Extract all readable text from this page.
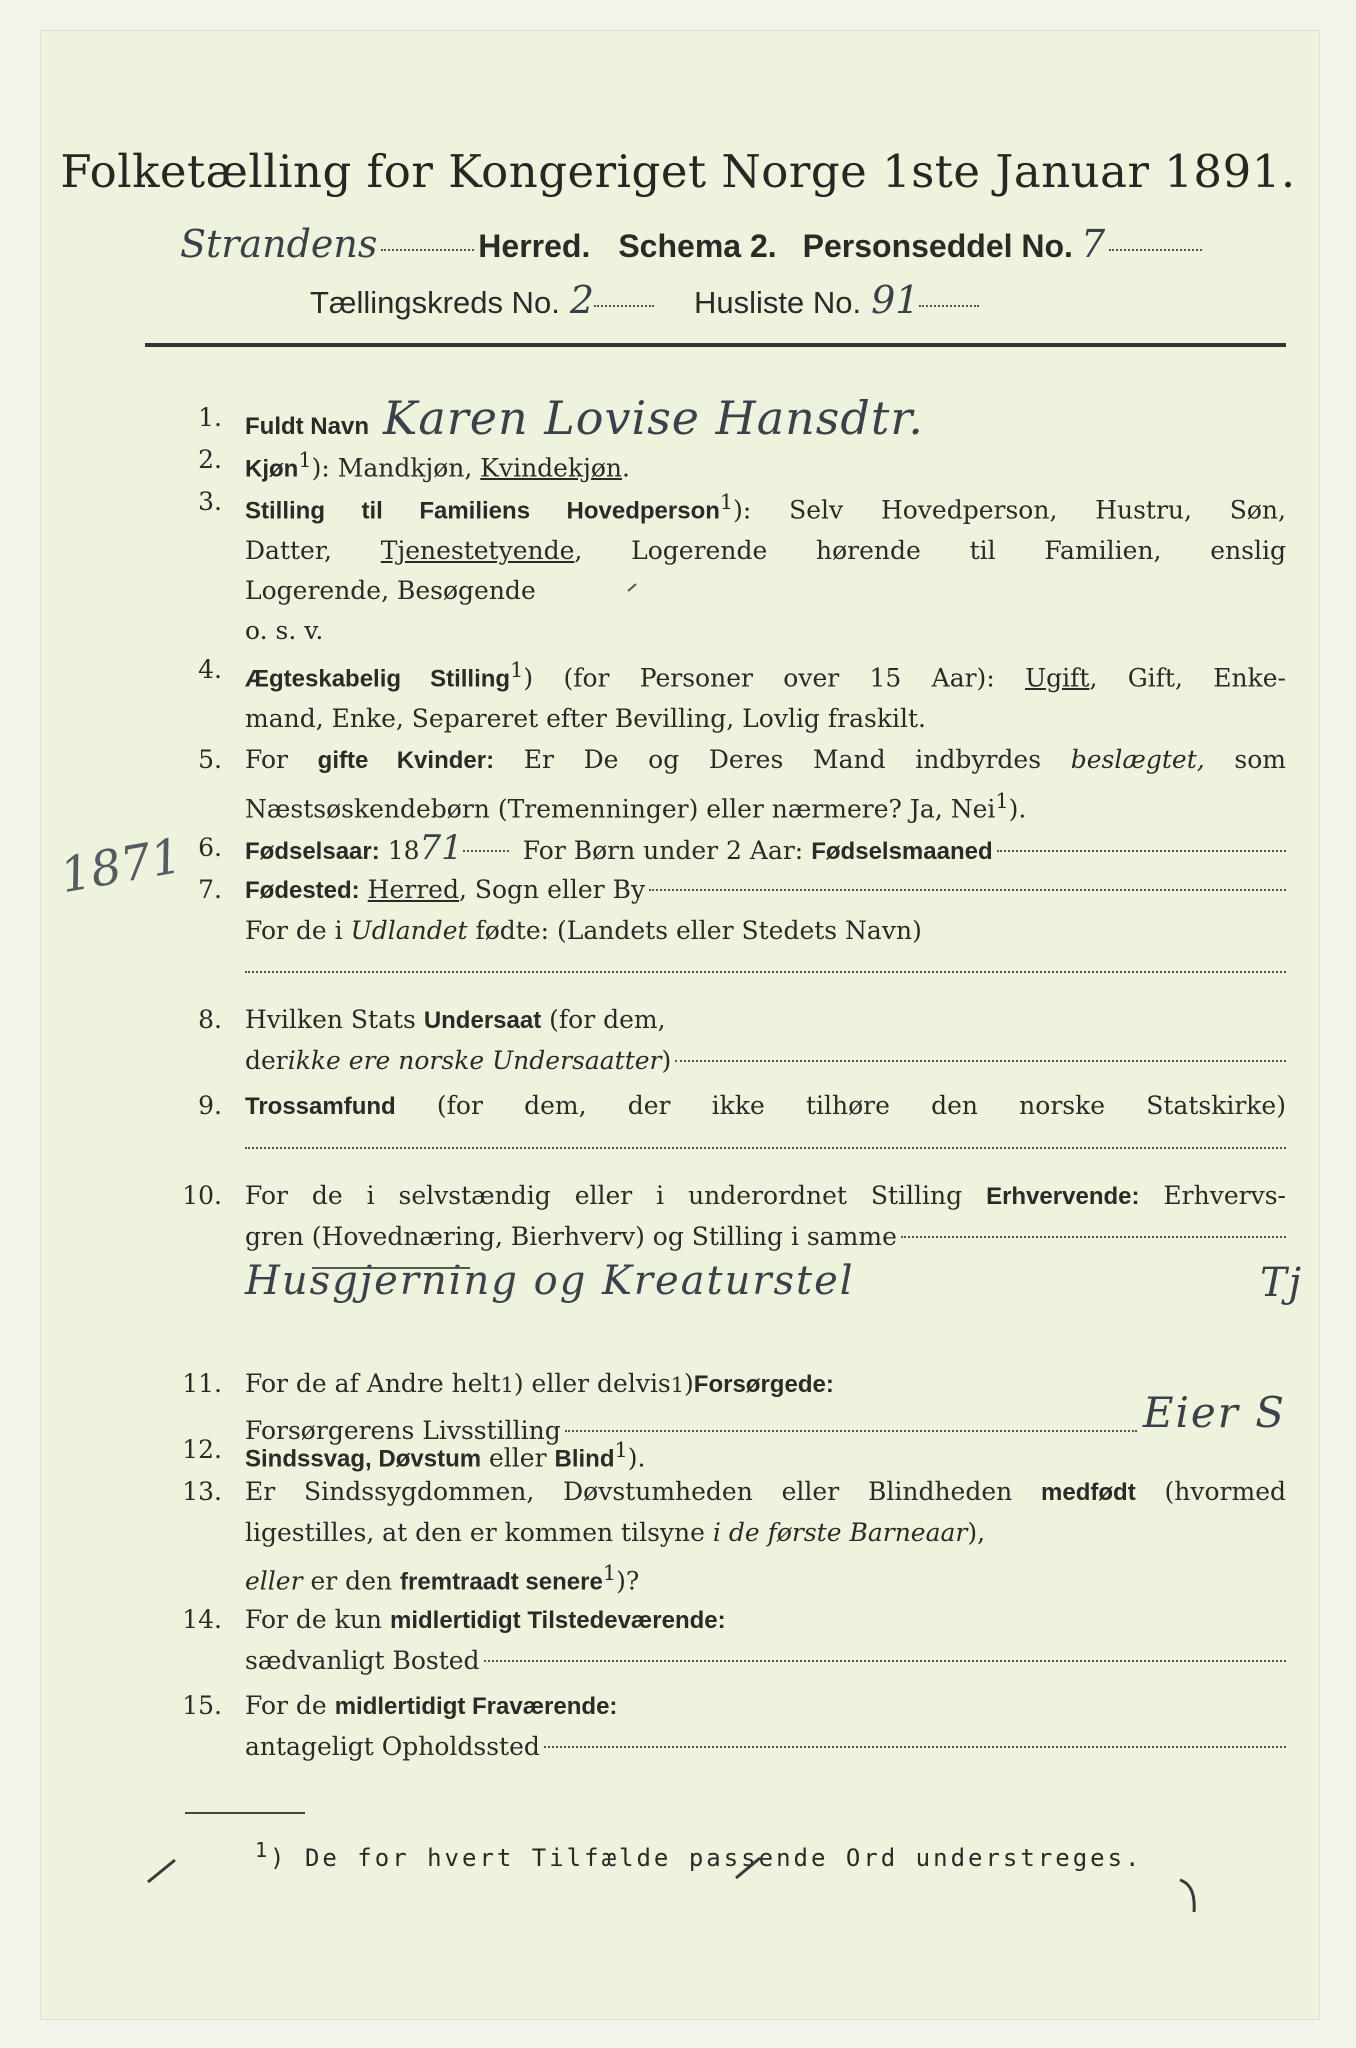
Folketælling for Kongeriget Norge 1ste Januar 1891.
Strandens	Herred. Schema 2. Personseddel No. 7
Tællingskreds No. 2	Husliste No. 91
1871
1. Fuldt Navn Karen Lovise Hansdtr.
2. Kjøn$^1$): Mandkjøn, Kvindekjøn.
3. Stilling til Familiens Hovedperson$^1$): Selv Hovedperson, Hustru, Søn,
Datter, Tjenestetyende, Logerende hørende til Familien, enslig
Logerende, Besøgende
o. s. v.
4. Ægteskabelig Stilling$^1$) (for Personer over 15 Aar): Ugift, Gift, Enke-
mand, Enke, Separeret efter Bevilling, Lovlig fraskilt.
5. For gifte Kvinder: Er De og Deres Mand indbyrdes beslægtet, som
Næstsøskendebørn (Tremenninger) eller nærmere? Ja, Nei$^1$).
6. Fødselsaar: 18 71 For Børn under 2 Aar: Fødselsmaaned
7. Fødested: Herred , Sogn eller By
For de i Udlandet fødte: (Landets eller Stedets Navn)
8. Hvilken Stats Undersaat (for dem,
der ikke ere norske Undersaatter )
9. Trossamfund (for dem, der ikke tilhøre den norske Statskirke)
10. For de i selvstændig eller i underordnet Stilling Erhvervende: Erhvervs-
gren (Hovednæring, Bierhverv) og Stilling i samme
Husgjerning og Kreaturstel	Tj
11. For de af Andre helt 1 ) eller delvis 1 ) Forsørgede:
Forsørgerens Livsstilling	Eier S
12. Sindssvag, Døvstum eller Blind$^1$).
13. Er Sindssygdommen, Døvstumheden eller Blindheden medfødt (hvormed
ligestilles, at den er kommen tilsyne i de første Barneaar),
eller er den fremtraadt senere$^1$)?
14. For de kun midlertidigt Tilstedeværende:
sædvanligt Bosted
15. For de midlertidigt Fraværende:
antageligt Opholdssted
$^1$) De for hvert Tilfælde passende Ord understreges.
